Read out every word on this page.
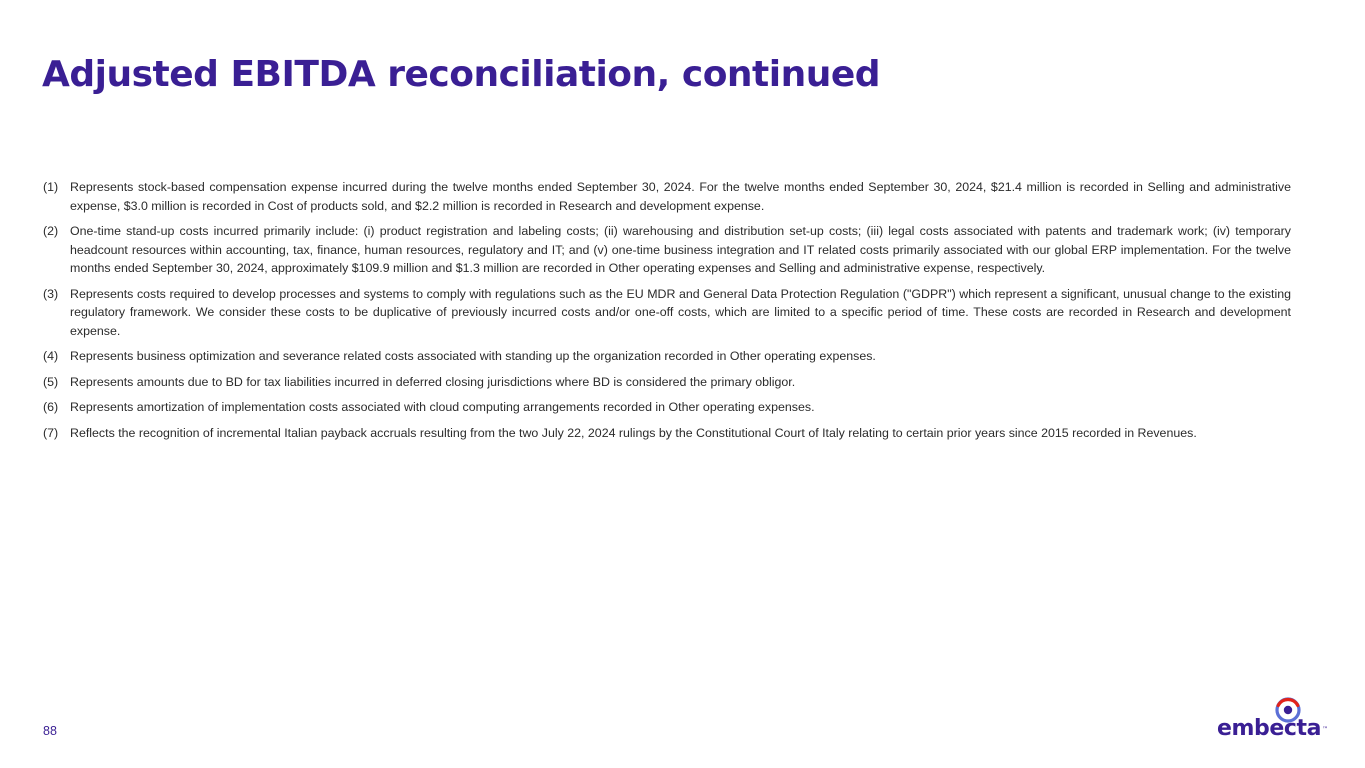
Adjusted EBITDA reconciliation, continued
(1) Represents stock-based compensation expense incurred during the twelve months ended September 30, 2024. For the twelve months ended September 30, 2024, $21.4 million is recorded in Selling and administrative expense, $3.0 million is recorded in Cost of products sold, and $2.2 million is recorded in Research and development expense.
(2) One-time stand-up costs incurred primarily include: (i) product registration and labeling costs; (ii) warehousing and distribution set-up costs; (iii) legal costs associated with patents and trademark work; (iv) temporary headcount resources within accounting, tax, finance, human resources, regulatory and IT; and (v) one-time business integration and IT related costs primarily associated with our global ERP implementation. For the twelve months ended September 30, 2024, approximately $109.9 million and $1.3 million are recorded in Other operating expenses and Selling and administrative expense, respectively.
(3) Represents costs required to develop processes and systems to comply with regulations such as the EU MDR and General Data Protection Regulation ("GDPR") which represent a significant, unusual change to the existing regulatory framework. We consider these costs to be duplicative of previously incurred costs and/or one-off costs, which are limited to a specific period of time. These costs are recorded in Research and development expense.
(4) Represents business optimization and severance related costs associated with standing up the organization recorded in Other operating expenses.
(5) Represents amounts due to BD for tax liabilities incurred in deferred closing jurisdictions where BD is considered the primary obligor.
(6) Represents amortization of implementation costs associated with cloud computing arrangements recorded in Other operating expenses.
(7) Reflects the recognition of incremental Italian payback accruals resulting from the two July 22, 2024 rulings by the Constitutional Court of Italy relating to certain prior years since 2015 recorded in Revenues.
88	embecta™
